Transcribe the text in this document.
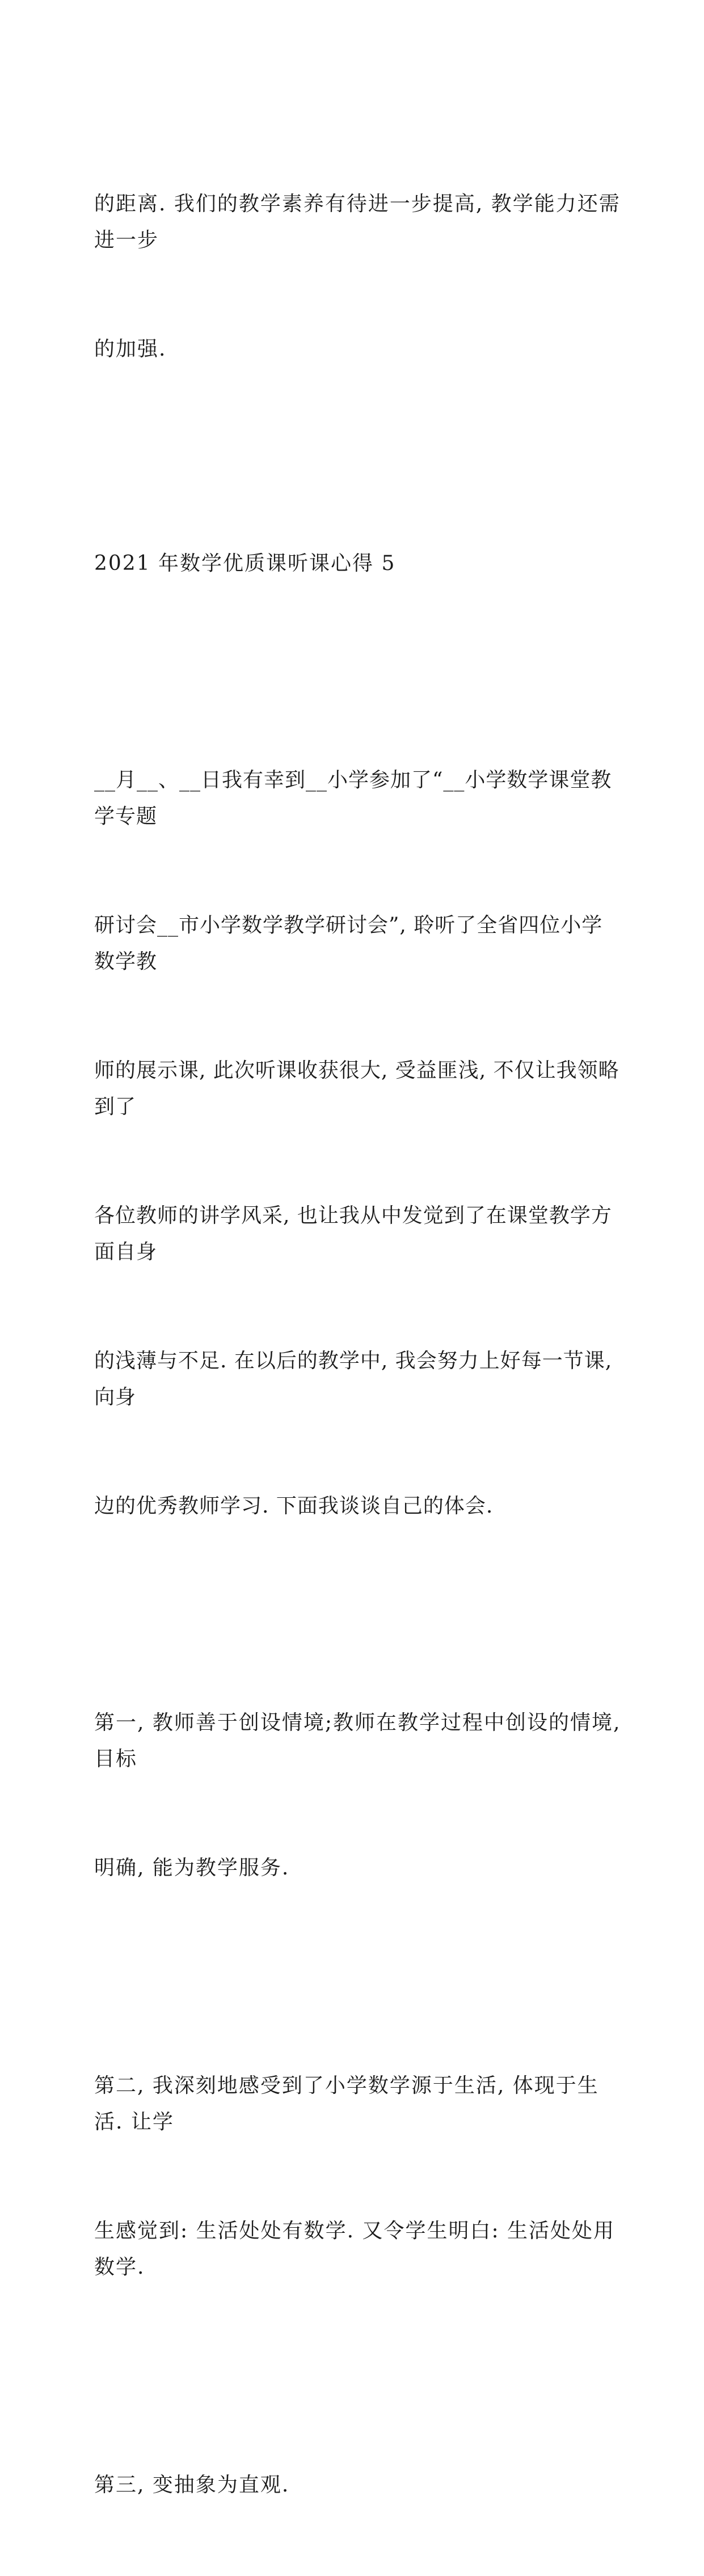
的距离. 我们的教学素养有待进一步提高, 教学能力还需进一步

的加强.

2021 年数学优质课听课心得 5

__月__、__日我有幸到__小学参加了“__小学数学课堂教学专题

研讨会__市小学数学教学研讨会”, 聆听了全省四位小学数学教

师的展示课, 此次听课收获很大, 受益匪浅, 不仅让我领略到了

各位教师的讲学风采, 也让我从中发觉到了在课堂教学方面自身

的浅薄与不足. 在以后的教学中, 我会努力上好每一节课, 向身

边的优秀教师学习. 下面我谈谈自己的体会.

第一, 教师善于创设情境;教师在教学过程中创设的情境, 目标

明确, 能为教学服务.

第二, 我深刻地感受到了小学数学源于生活, 体现于生活. 让学

生感觉到: 生活处处有数学. 又令学生明白: 生活处处用数学.

第三, 变抽象为直观.
